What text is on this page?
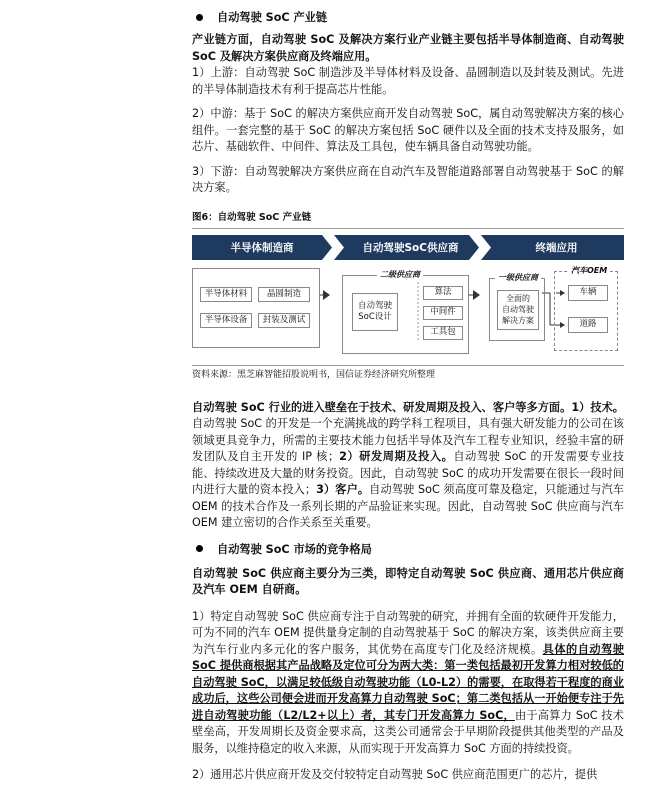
自动驾驶 SoC 产业链

产业链方面，自动驾驶 SoC 及解决方案行业产业链主要包括半导体制造商、自动驾驶 SoC 及解决方案供应商及终端应用。

1）上游：自动驾驶 SoC 制造涉及半导体材料及设备、晶圆制造以及封装及测试。先进的半导体制造技术有利于提高芯片性能。

2）中游：基于 SoC 的解决方案供应商开发自动驾驶 SoC，属自动驾驶解决方案的核心组件。一套完整的基于 SoC 的解决方案包括 SoC 硬件以及全面的技术支持及服务，如芯片、基础软件、中间件、算法及工具包，使车辆具备自动驾驶功能。

3）下游：自动驾驶解决方案供应商在自动汽车及智能道路部署自动驾驶基于 SoC 的解决方案。

图6：自动驾驶 SoC 产业链
半导体制造商	自动驾驶SoC供应商	终端应用
半导体材料	晶圆制造
半导体设备	封装及测试
二级供应商
自动驾驶
SoC设计
算法
中间件
工具包
一级供应商
全面的
自动驾驶
解决方案
汽车OEM
车辆
道路
资料来源：黑芝麻智能招股说明书，国信证券经济研究所整理

自动驾驶 SoC 行业的进入壁垒在于技术、研发周期及投入、客户等多方面。1）技术。自动驾驶 SoC 的开发是一个充满挑战的跨学科工程项目，具有强大研发能力的公司在该领域更具竞争力，所需的主要技术能力包括半导体及汽车工程专业知识，经验丰富的研发团队及自主开发的 IP 核；2）研发周期及投入。自动驾驶 SoC 的开发需要专业技能、持续改进及大量的财务投资。因此，自动驾驶 SoC 的成功开发需要在很长一段时间内进行大量的资本投入；3）客户。自动驾驶 SoC 须高度可靠及稳定，只能通过与汽车 OEM 的技术合作及一系列长期的产品验证来实现。因此，自动驾驶 SoC 供应商与汽车 OEM 建立密切的合作关系至关重要。

自动驾驶 SoC 市场的竞争格局

自动驾驶 SoC 供应商主要分为三类，即特定自动驾驶 SoC 供应商、通用芯片供应商及汽车 OEM 自研商。

1）特定自动驾驶 SoC 供应商专注于自动驾驶的研究，并拥有全面的软硬件开发能力，可为不同的汽车 OEM 提供量身定制的自动驾驶基于 SoC 的解决方案，该类供应商主要为汽车行业内多元化的客户服务，其优势在高度专门化及经济规模。具体的自动驾驶 SoC 提供商根据其产品战略及定位可分为两大类：第一类包括最初开发算力相对较低的自动驾驶 SoC，以满足较低级自动驾驶功能（L0-L2）的需要，在取得若干程度的商业成功后，这些公司便会进而开发高算力自动驾驶 SoC；第二类包括从一开始便专注于先进自动驾驶功能（L2/L2+以上）者，其专门开发高算力 SoC，由于高算力 SoC 技术壁垒高，开发周期长及资金要求高，这类公司通常会于早期阶段提供其他类型的产品及服务，以维持稳定的收入来源，从而实现于开发高算力 SoC 方面的持续投资。

2）通用芯片供应商开发及交付较特定自动驾驶 SoC 供应商范围更广的芯片，提供
